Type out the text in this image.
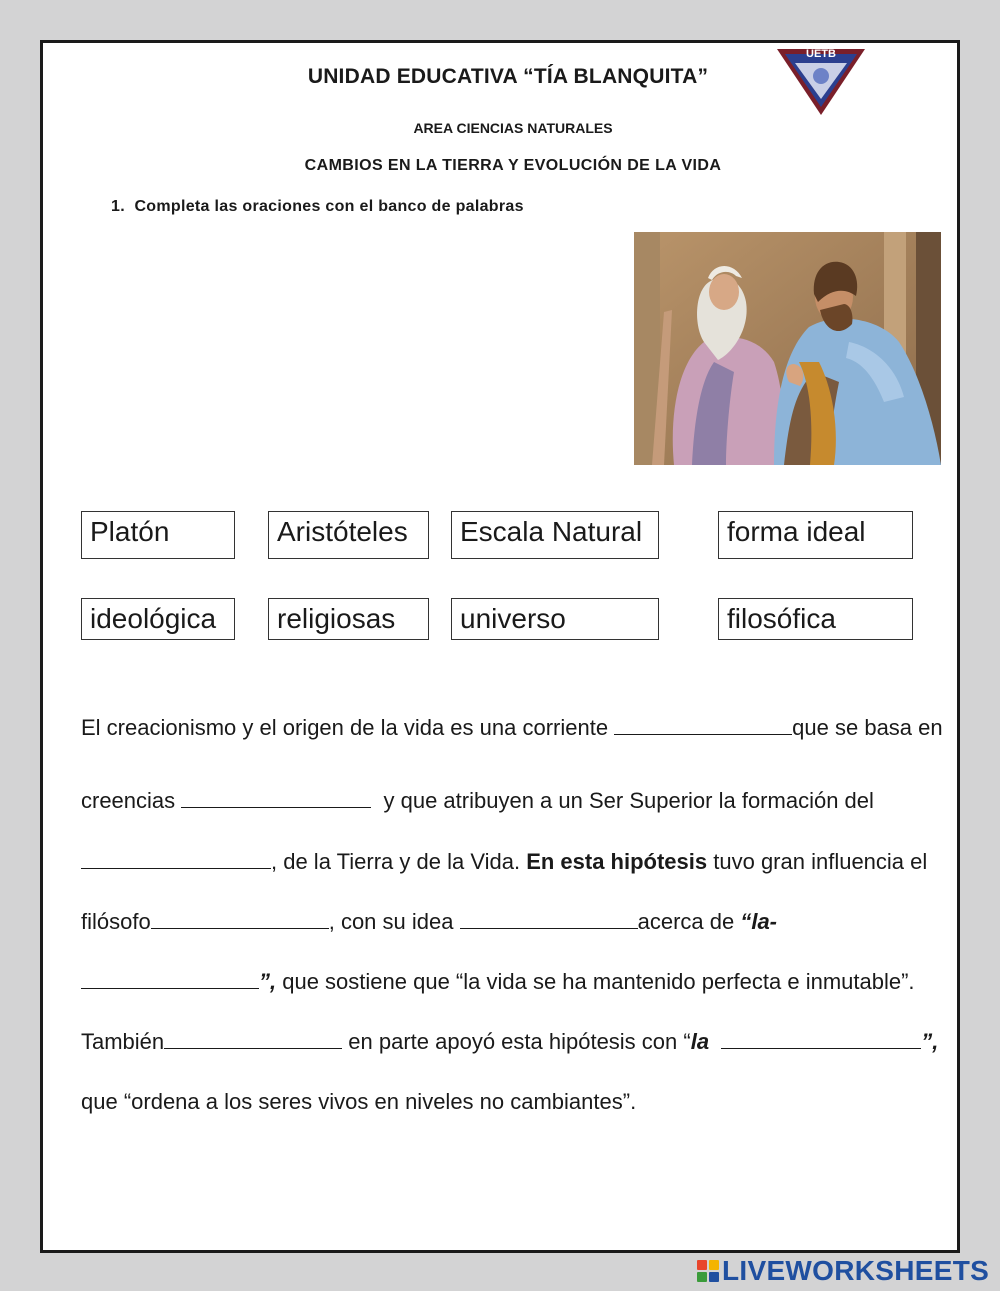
UNIDAD EDUCATIVA “TÍA BLANQUITA”
UETB
AREA CIENCIAS NATURALES
CAMBIOS EN LA TIERRA Y EVOLUCIÓN DE LA VIDA
1. Completa las oraciones con el banco de palabras
Platón	Aristóteles	Escala Natural	forma ideal
ideológica	religiosas	universo	filosófica
El creacionismo y el origen de la vida es una corriente	que se basa en
creencias	y que atribuyen a un Ser Superior la formación del
, de la Tierra y de la Vida. En esta hipótesis tuvo gran influencia el
filósofo	, con su idea	acerca de “la-
”, que sostiene que “la vida se ha mantenido perfecta e inmutable”.
También	en parte apoyó esta hipótesis con “la	”,
que “ordena a los seres vivos en niveles no cambiantes”.
LIVEWORKSHEETS
